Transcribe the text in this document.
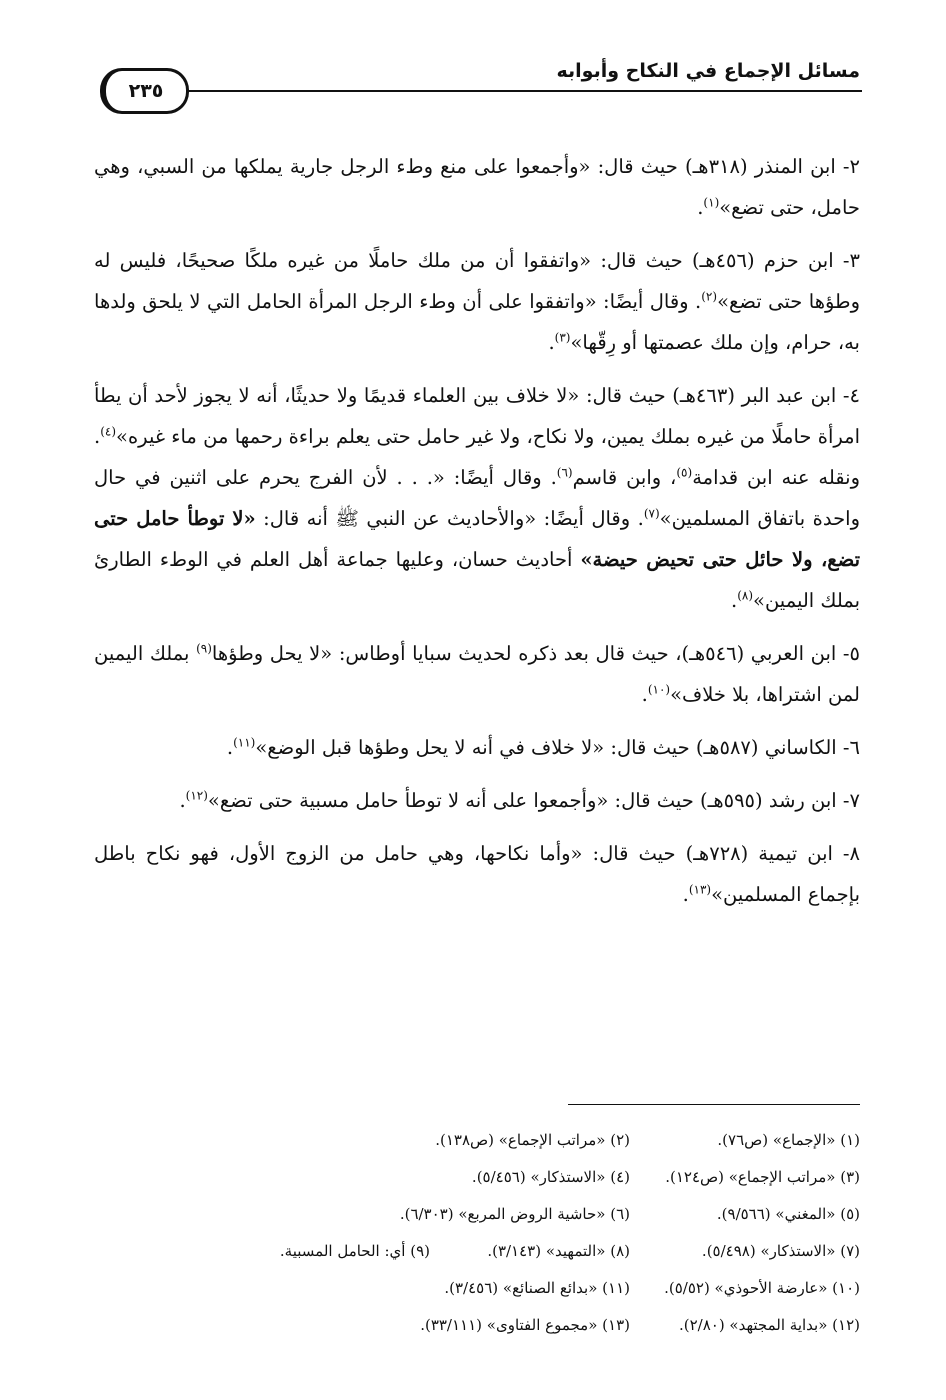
مسائل الإجماع في النكاح وأبوابه
٢٣٥

٢- ابن المنذر (٣١٨هـ) حيث قال: «وأجمعوا على منع وطء الرجل جارية يملكها من السبي، وهي حامل، حتى تضع»$^{(١)}$.

٣- ابن حزم (٤٥٦هـ) حيث قال: «واتفقوا أن من ملك حاملًا من غيره ملكًا صحيحًا، فليس له وطؤها حتى تضع»$^{(٢)}$. وقال أيضًا: «واتفقوا على أن وطء الرجل المرأة الحامل التي لا يلحق ولدها به، حرام، وإن ملك عصمتها أو رِقّها»$^{(٣)}$.

٤- ابن عبد البر (٤٦٣هـ) حيث قال: «لا خلاف بين العلماء قديمًا ولا حديثًا، أنه لا يجوز لأحد أن يطأ امرأة حاملًا من غيره بملك يمين، ولا نكاح، ولا غير حامل حتى يعلم براءة رحمها من ماء غيره»$^{(٤)}$. ونقله عنه ابن قدامة$^{(٥)}$، وابن قاسم$^{(٦)}$. وقال أيضًا: «. . . لأن الفرج يحرم على اثنين في حال واحدة باتفاق المسلمين»$^{(٧)}$. وقال أيضًا: «والأحاديث عن النبي ﷺ أنه قال: «لا توطأ حامل حتى تضع، ولا حائل حتى تحيض حيضة» أحاديث حسان، وعليها جماعة أهل العلم في الوطء الطارئ بملك اليمين»$^{(٨)}$.

٥- ابن العربي (٥٤٦هـ)، حيث قال بعد ذكره لحديث سبايا أوطاس: «لا يحل وطؤها$^{(٩)}$ بملك اليمين لمن اشتراها، بلا خلاف»$^{(١٠)}$.

٦- الكاساني (٥٨٧هـ) حيث قال: «لا خلاف في أنه لا يحل وطؤها قبل الوضع»$^{(١١)}$.

٧- ابن رشد (٥٩٥هـ) حيث قال: «وأجمعوا على أنه لا توطأ حامل مسبية حتى تضع»$^{(١٢)}$.

٨- ابن تيمية (٧٢٨هـ) حيث قال: «وأما نكاحها، وهي حامل من الزوج الأول، فهو نكاح باطل بإجماع المسلمين»$^{(١٣)}$.

(١) «الإجماع» (ص٧٦).
(٢) «مراتب الإجماع» (ص١٣٨).
(٣) «مراتب الإجماع» (ص١٢٤).
(٤) «الاستذكار» (٥/٤٥٦).
(٥) «المغني» (٩/٥٦٦).
(٦) «حاشية الروض المربع» (٦/٣٠٣).
(٧) «الاستذكار» (٥/٤٩٨).
(٨) «التمهيد» (٣/١٤٣).
(٩) أي: الحامل المسبية.
(١٠) «عارضة الأحوذي» (٥/٥٢).
(١١) «بدائع الصنائع» (٣/٤٥٦).
(١٢) «بداية المجتهد» (٢/٨٠).
(١٣) «مجموع الفتاوى» (٣٣/١١١).
